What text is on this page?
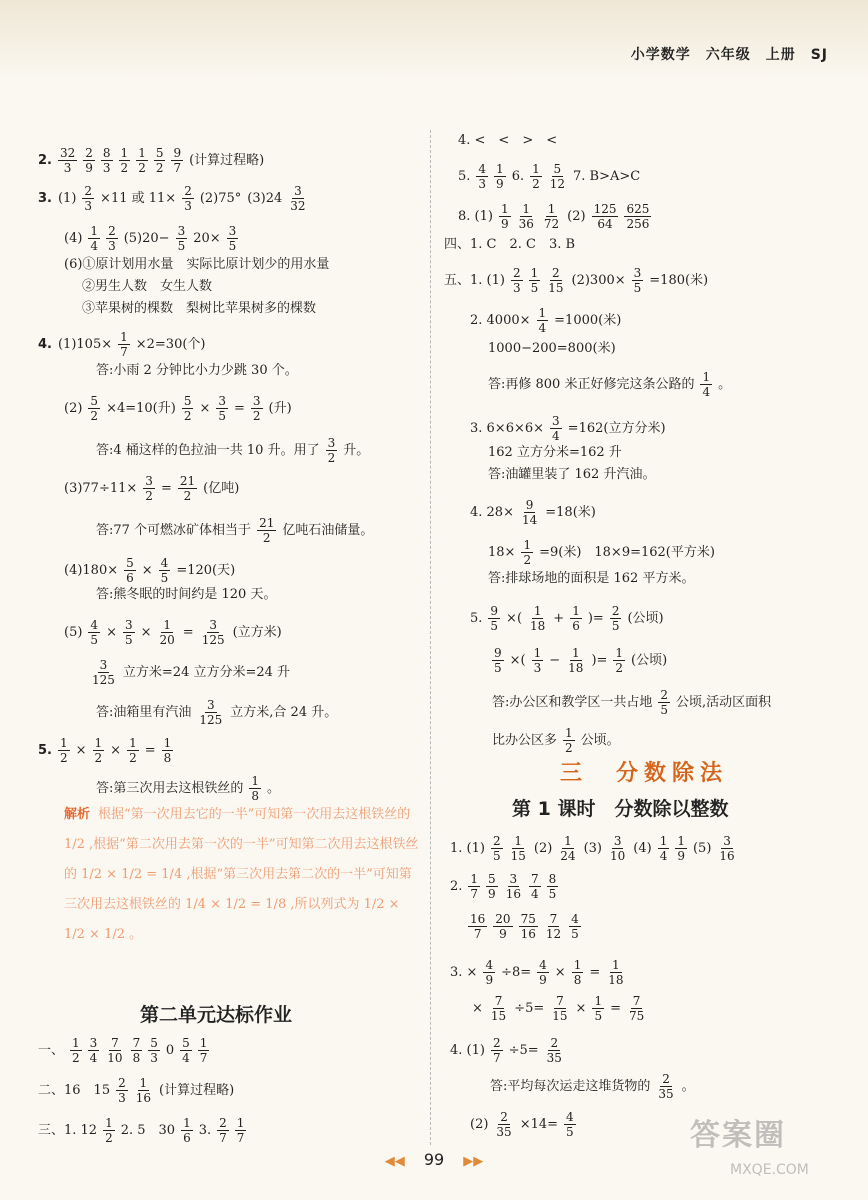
小学数学　六年级　上册　SJ
2. $\frac{32}{3} \frac{2}{9} \frac{8}{3} \frac{1}{2} \frac{1}{2} \frac{5}{2} \frac{9}{7}$ (计算过程略)
3. $(1) \frac{2}{3} \times 11$ 或 $11\times \frac{2}{3} (2)75^\circ$ $(3)24 \frac{3}{32}$
$(4) \frac{1}{4} \frac{2}{3} (5)20- \frac{3}{5} 20\times \frac{3}{5}$
(6)①原计划用水量　实际比原计划少的用水量
②男生人数　女生人数
③苹果树的棵数　梨树比苹果树多的棵数
4. $(1)105\times \frac{1}{7} \times 2=30$(个)
答:小雨 2 分钟比小力少跳 30 个。
$(2) \frac{5}{2} \times 4=10$(升) $\frac{5}{2} \times \frac{3}{5} = \frac{3}{2}$ (升)
答:4 桶这样的色拉油一共 10 升。用了 $\frac{3}{2}$ 升。
$(3)77\div 11\times \frac{3}{2} = \frac{21}{2}$ (亿吨)
答:77 个可燃冰矿体相当于 $\frac{21}{2}$ 亿吨石油储量。
$(4)180\times \frac{5}{6} \times \frac{4}{5} =120$(天)
答:熊冬眠的时间约是 120 天。
$(5) \frac{4}{5} \times \frac{3}{5} \times \frac{1}{20} = \frac{3}{125}$ (立方米)
$\frac{3}{125}$ 立方米=24 立方分米=24 升
答:油箱里有汽油 $\frac{3}{125}$ 立方米,合 24 升。
5. $\frac{1}{2} \times \frac{1}{2} \times \frac{1}{2} = \frac{1}{8}$
答:第三次用去这根铁丝的 $\frac{1}{8}$ 。
解析 根据“第一次用去它的一半”可知第一次用去这根铁丝的 1/2 ,根据“第二次用去第一次的一半”可知第二次用去这根铁丝的 1/2 × 1/2 = 1/4 ,根据“第三次用去第二次的一半”可知第三次用去这根铁丝的 1/4 × 1/2 = 1/8 ,所以列式为 1/2 × 1/2 × 1/2 。
第二单元达标作业
一、 $\frac{1}{2} \frac{3}{4} \frac{7}{10} \frac{7}{8} \frac{5}{3} 0 \frac{5}{4} \frac{1}{7}$
二、16　$15 \frac{2}{3} \frac{1}{16}$ (计算过程略)
三、1. $12 \frac{1}{2} 2$. 5　$30 \frac{1}{6} 3$. $\frac{2}{7} \frac{1}{7}$
4. <　<　>　<
5. $\frac{4}{3} \frac{1}{9} 6$. $\frac{1}{2} \frac{5}{12} 7$. B>A>C
8. $(1) \frac{1}{9} \frac{1}{36} \frac{1}{72} (2) \frac{125}{64} \frac{625}{256}$
四、1. C　2. C　3. B
五、1. $(1) \frac{2}{3} \frac{1}{5} \frac{2}{15} (2)300\times \frac{3}{5} =180$(米)
2. $4000\times \frac{1}{4} =1000$(米)
1000−200=800(米)
答:再修 800 米正好修完这条公路的 $\frac{1}{4}$ 。
3. $6\times 6\times 6\times \frac{3}{4} =162$(立方分米)
162 立方分米=162 升
答:油罐里装了 162 升汽油。
4. $28\times \frac{9}{14} =18$(米)
$18\times \frac{1}{2} =9$(米)　18×9=162(平方米)
答:排球场地的面积是 162 平方米。
5. $\frac{9}{5}$ ×( $\frac{1}{18} + \frac{1}{6}$ )= $\frac{2}{5}$ (公顷)
$\frac{9}{5}$ ×( $\frac{1}{3} - \frac{1}{18}$ )= $\frac{1}{2}$ (公顷)
答:办公区和教学区一共占地 $\frac{2}{5}$ 公顷,活动区面积
比办公区多 $\frac{1}{2}$ 公顷。
三　分数除法
第 1 课时　分数除以整数
1. $(1) \frac{2}{5} \frac{1}{15} (2) \frac{1}{24} (3) \frac{3}{10} (4) \frac{1}{4} \frac{1}{9} (5) \frac{3}{16}$
2. $\frac{1}{7} \frac{5}{9} \frac{3}{16} \frac{7}{4} \frac{8}{5}$
$\frac{16}{7} \frac{20}{9} \frac{75}{16} \frac{7}{12} \frac{4}{5}$
3. × $\frac{4}{9} \div 8= \frac{4}{9} \times \frac{1}{8} = \frac{1}{18}$
× $\frac{7}{15} \div 5= \frac{7}{15} \times \frac{1}{5} = \frac{7}{75}$
4. $(1) \frac{2}{7} \div 5= \frac{2}{35}$
答:平均每次运走这堆货物的 $\frac{2}{35}$ 。
$(2) \frac{2}{35} \times 14= \frac{4}{5}$
◀◀ 99 ▶▶
答案圈
MXQE.COM
